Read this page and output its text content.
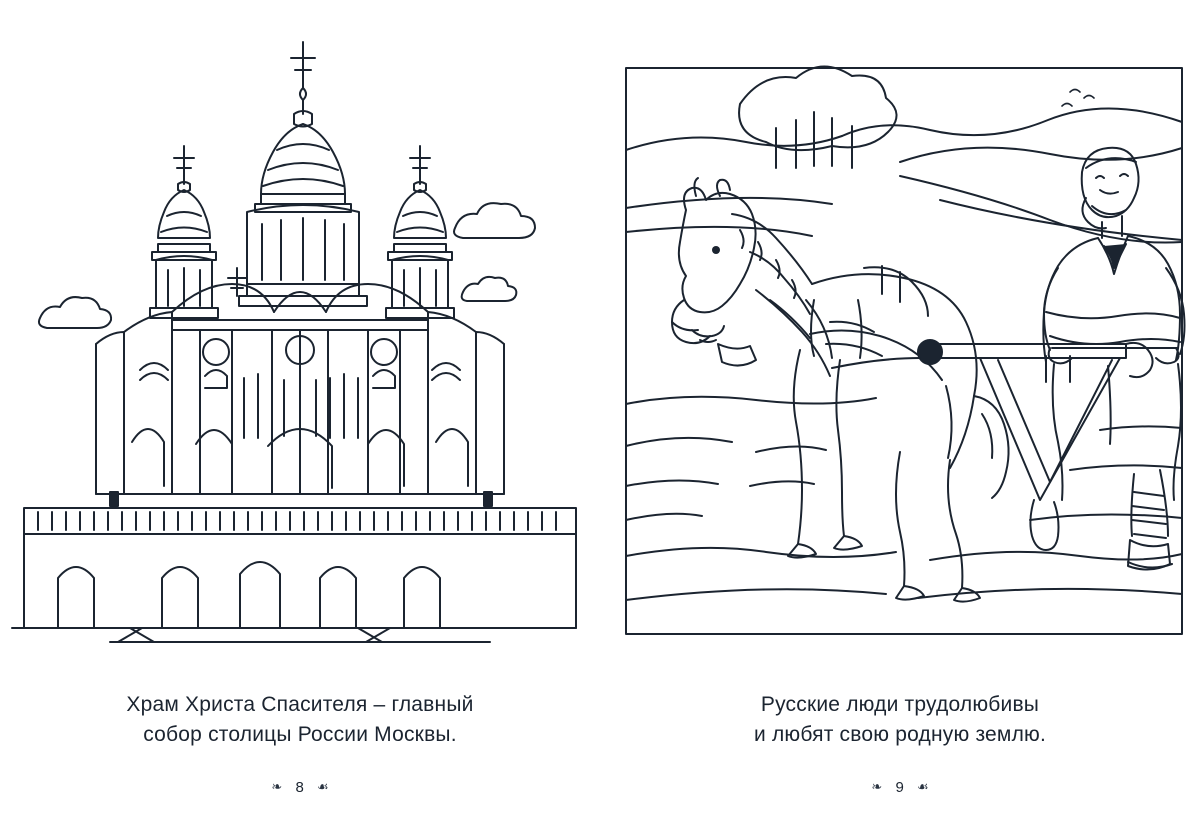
Храм Христа Спасителя – главный
собор столицы России Москвы.
❧ 8 ☙
Русские люди трудолюбивы
и любят свою родную землю.
❧ 9 ☙
